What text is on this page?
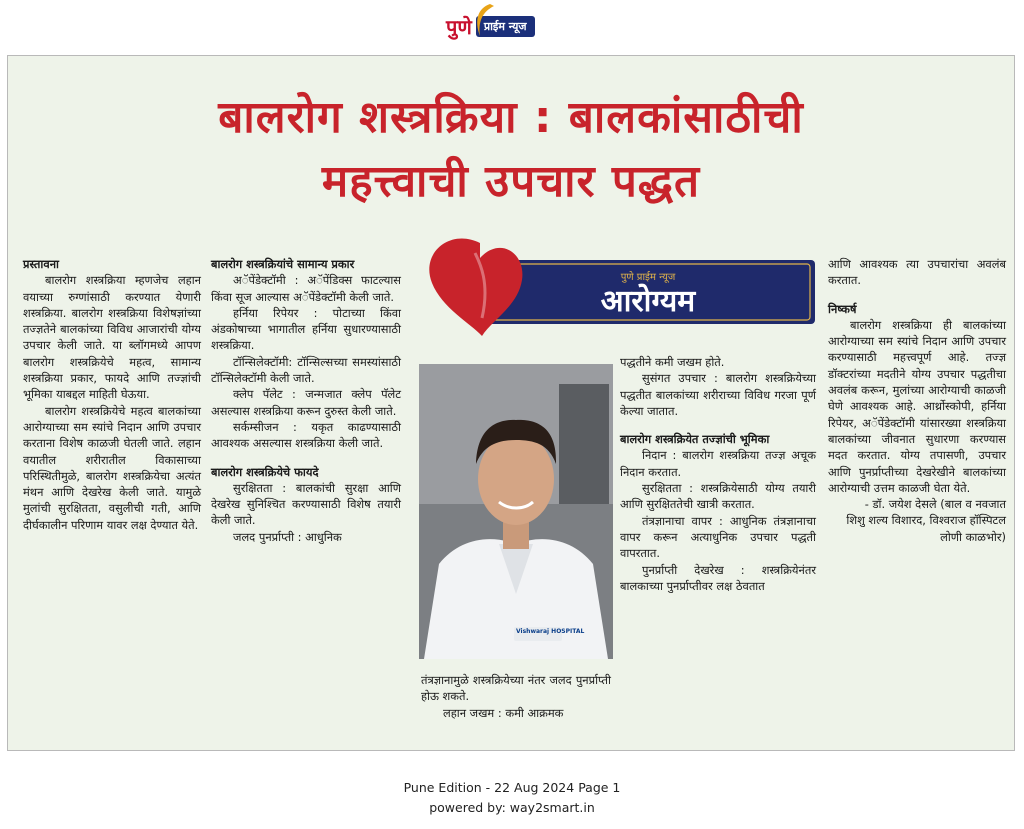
पुणे	प्राईम न्यूज
बालरोग शस्त्रक्रिया : बालकांसाठीची
महत्त्वाची उपचार पद्धत

प्रस्तावना

बालरोग शस्त्रक्रिया म्हणजेच लहान वयाच्या रुग्णांसाठी करण्यात येणारी शस्त्रक्रिया. बालरोग शस्त्रक्रिया विशेषज्ञांच्या तज्ज्ञतेने बालकांच्या विविध आजारांची योग्य उपचार केली जाते. या ब्लॉगमध्ये आपण बालरोग शस्त्रक्रियेचे महत्व, सामान्य शस्त्रक्रिया प्रकार, फायदे आणि तज्ज्ञांची भूमिका याबद्दल माहिती घेऊया.

बालरोग शस्त्रक्रियेचे महत्व बालकांच्या आरोग्याच्या सम स्यांचे निदान आणि उपचार करताना विशेष काळजी घेतली जाते. लहान वयातील शरीरातील विकासाच्या परिस्थितीमुळे, बालरोग शस्त्रक्रियेचा अत्यंत मंथन आणि देखरेख केली जाते. यामुळे मुलांची सुरक्षितता, वसुलीची गती, आणि दीर्घकालीन परिणाम यावर लक्ष देण्यात येते.

बालरोग शस्त्रक्रियांचे सामान्य प्रकार

अॅपेंडेक्टॉमी : अॅपेंडिक्स फाटल्यास किंवा सूज आल्यास अॅपेंडेक्टॉमी केली जाते.

हर्निया रिपेयर : पोटाच्या किंवा अंडकोषाच्या भागातील हर्निया सुधारण्यासाठी शस्त्रक्रिया.

टॉन्सिलेक्टॉमी: टॉन्सिल्सच्या समस्यांसाठी टॉन्सिलेक्टॉमी केली जाते.

क्लेप पॅलेट : जन्मजात क्लेप पॅलेट असल्यास शस्त्रक्रिया करून दुरुस्त केली जाते.

सर्कम्सीजन : यकृत काढण्यासाठी आवश्यक असल्यास शस्त्रक्रिया केली जाते.

बालरोग शस्त्रक्रियेचे फायदे

सुरक्षितता : बालकांची सुरक्षा आणि देखरेख सुनिश्चित करण्यासाठी विशेष तयारी केली जाते.

जलद पुनर्प्राप्ती : आधुनिक

पुणे प्राईम न्यूज
आरोग्यम
Vishwaraj HOSPITAL

तंत्रज्ञानामुळे शस्त्रक्रियेच्या नंतर जलद पुनर्प्राप्ती होऊ शकते.

लहान जखम : कमी आक्रमक

पद्धतीने कमी जखम होते.

सुसंगत उपचार : बालरोग शस्त्रक्रियेच्या पद्धतीत बालकांच्या शरीराच्या विविध गरजा पूर्ण केल्या जातात.

बालरोग शस्त्रक्रियेत तज्ज्ञांची भूमिका

निदान : बालरोग शस्त्रक्रिया तज्ज्ञ अचूक निदान करतात.

सुरक्षितता : शस्त्रक्रियेसाठी योग्य तयारी आणि सुरक्षिततेची खात्री करतात.

तंत्रज्ञानाचा वापर : आधुनिक तंत्रज्ञानाचा वापर करून अत्याधुनिक उपचार पद्धती वापरतात.

पुनर्प्राप्ती देखरेख : शस्त्रक्रियेनंतर बालकाच्या पुनर्प्राप्तीवर लक्ष ठेवतात

आणि आवश्यक त्या उपचारांचा अवलंब करतात.

निष्कर्ष

बालरोग शस्त्रक्रिया ही बालकांच्या आरोग्याच्या सम स्यांचे निदान आणि उपचार करण्यासाठी महत्त्वपूर्ण आहे. तज्ज्ञ डॉक्टरांच्या मदतीने योग्य उपचार पद्धतीचा अवलंब करून, मुलांच्या आरोग्याची काळजी घेणे आवश्यक आहे. आर्थ्रोस्कोपी, हर्निया रिपेयर, अॅपेंडेक्टॉमी यांसारख्या शस्त्रक्रिया बालकांच्या जीवनात सुधारणा करण्यास मदत करतात. योग्य तपासणी, उपचार आणि पुनर्प्राप्तीच्या देखरेखीने बालकांच्या आरोग्याची उत्तम काळजी घेता येते.

- डॉ. जयेश देसले (बाल व नवजात शिशु शल्य विशारद, विश्वराज हॉस्पिटल लोणी काळभोर)

Pune Edition - 22 Aug 2024 Page 1
powered by: way2smart.in
